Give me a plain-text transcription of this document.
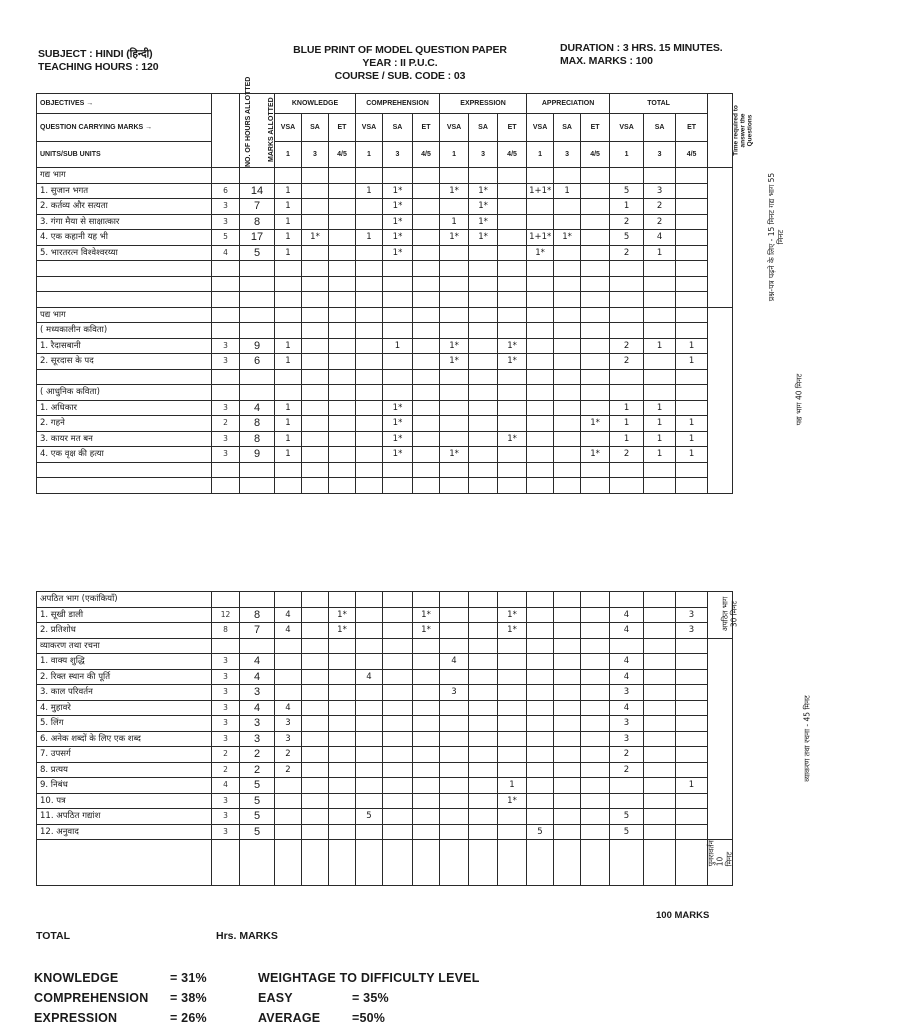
SUBJECT : HINDI (हिन्दी)
TEACHING HOURS : 120
BLUE PRINT OF MODEL QUESTION PAPER
YEAR : II P.U.C.
COURSE / SUB. CODE : 03
DURATION : 3 HRS. 15 MINUTES.
MAX. MARKS : 100
OBJECTIVES →	NO. OF HOURS ALLOTTED	MARKS ALLOTTED	KNOWLEDGE			COMPREHENSION			EXPRESSION			APPRECIATION			TOTAL			Time required to answer the Questions
QUESTION CARRYING MARKS →			VSA	SA	ET	VSA	SA	ET	VSA	SA	ET	VSA	SA	ET	VSA	SA	ET	
UNITS/SUB UNITS			1	3	4/5	1	3	4/5	1	3	4/5	1	3	4/5	1	3	4/5	
गद्य भाग																		प्रश्न-पत्र पढ़ने के लिए - 15 मिनट गद्य भाग 55 मिनट
1. सुजान भगत	6	14	1			1	1*		1*	1*		1+1*	1		5	3		
2. कर्तव्य और सत्यता	3	7	1				1*			1*					1	2		
3. गंगा मैया से साक्षात्कार	3	8	1				1*		1	1*					2	2		
4. एक कहानी यह भी	5	17	1	1*		1	1*		1*	1*		1+1*	1*		5	4		
5. भारतरत्न विश्वेश्वरय्या	4	5	1				1*					1*			2	1		

पद्य भाग																		पद्य भाग 40 मिनट
( मध्यकालीन कविता)																		
1. रैदासबानी	3	9	1				1		1*		1*				2	1	1	
2. सूरदास के पद	3	6	1						1*		1*				2		1	

( आधुनिक कविता)																		
1. अधिकार	3	4	1				1*								1	1		
2. गहने	2	8	1				1*							1*	1	1	1	
3. कायर मत बन	3	8	1				1*				1*				1	1	1	
4. एक वृक्ष की हत्या	3	9	1				1*		1*					1*	2	1	1	

अपठित भाग (एकांकियाँ)																		अपठित भाग 30 मिनट
1. सूखी डाली	12	8	4		1*			1*			1*				4		3	
2. प्रतिशोध	8	7	4		1*			1*			1*				4		3	
व्याकरण तथा रचना																		व्याकरण तथा रचना - 45 मिनट
1. वाक्य शुद्धि	3	4							4						4			
2. रिक्त स्थान की पूर्ति	3	4				4									4			
3. काल परिवर्तन	3	3							3						3			
4. मुहावरे	3	4	4												4			
5. लिंग	3	3	3												3			
6. अनेक शब्दों के लिए एक शब्द	3	3	3												3			
7. उपसर्ग	2	2	2												2			
8. प्रत्यय	2	2	2												2			
9. निबंध	4	5									1						1	
10. पत्र	3	5									1*							
11. अपठित गद्यांश	3	5				5									5			
12. अनुवाद	3	5										5			5			
																		पुनरावर्तन 10 मिनट
100 MARKS
TOTAL	Hrs. MARKS
KNOWLEDGE	= 31%
COMPREHENSION	= 38%
EXPRESSION	= 26%
WEIGHTAGE TO DIFFICULTY LEVEL
EASY	= 35%
AVERAGE	=50%
